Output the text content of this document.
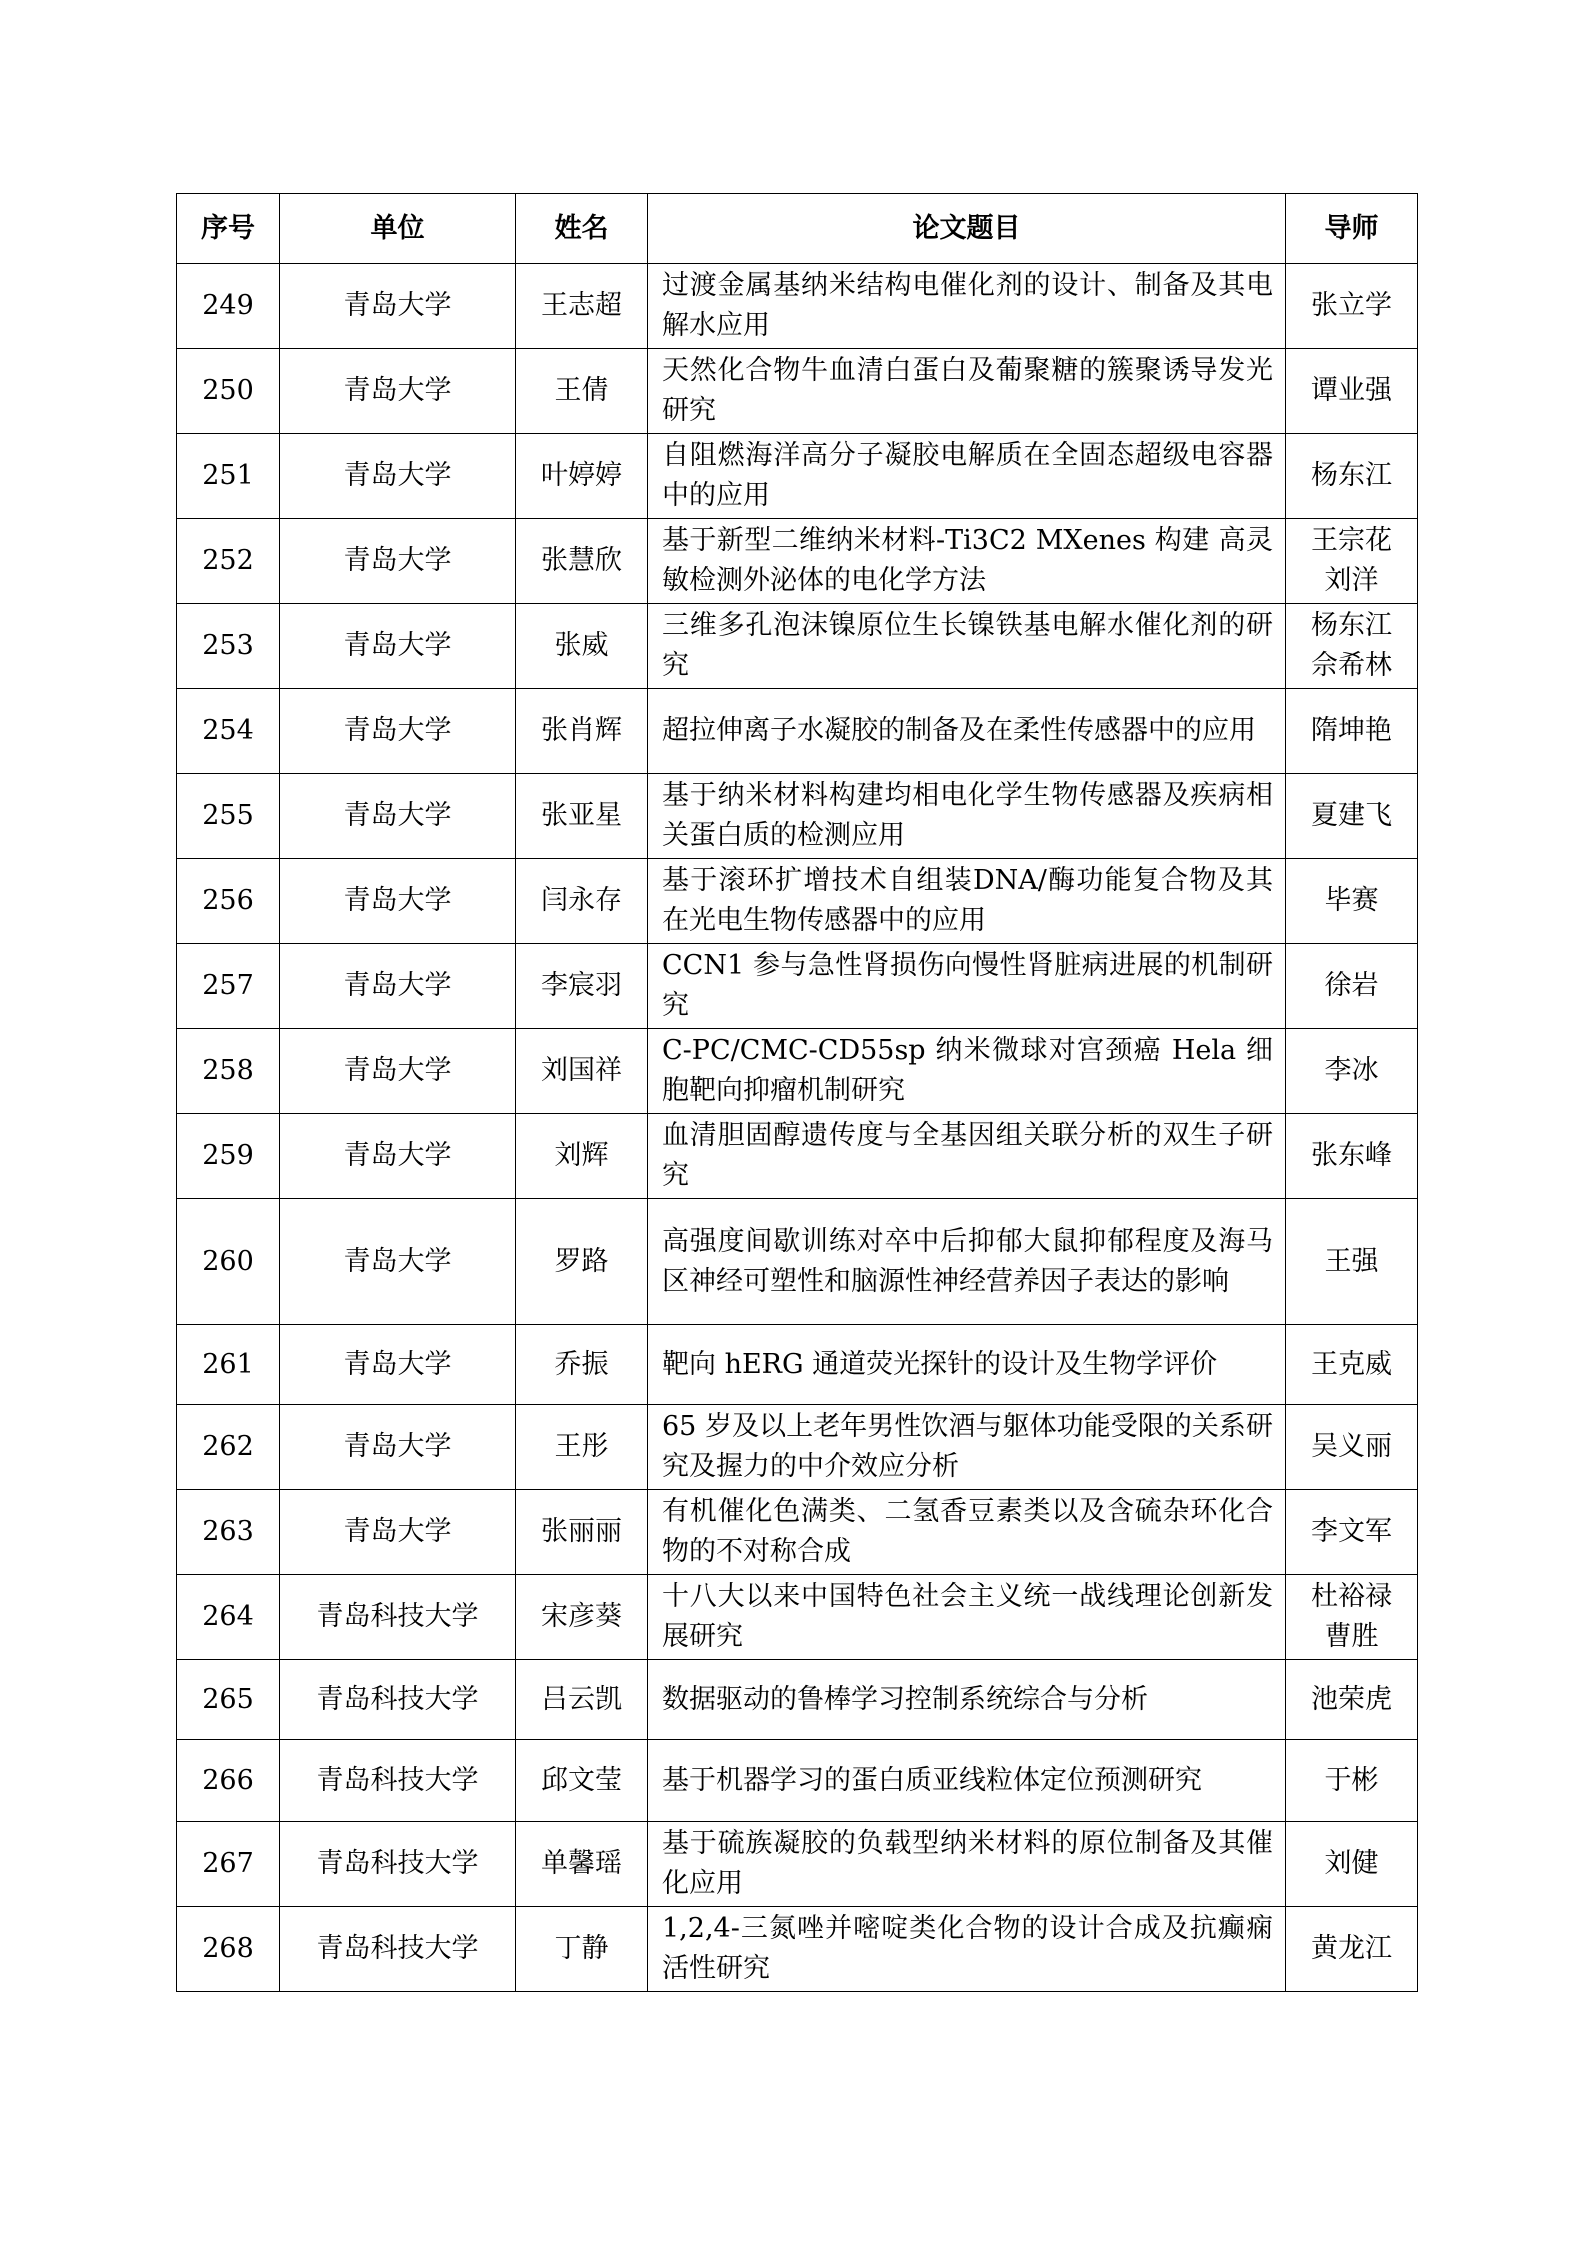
序号	单位	姓名	论文题目	导师
249	青岛大学	王志超	过渡金属基纳米结构电催化剂的设计、制备及其电解水应用	张立学

250	青岛大学	王倩	天然化合物牛血清白蛋白及葡聚糖的簇聚诱导发光研究	谭业强

251	青岛大学	叶婷婷	自阻燃海洋高分子凝胶电解质在全固态超级电容器中的应用	杨东江

252	青岛大学	张慧欣	基于新型二维纳米材料-Ti3C2 MXenes 构建 高灵敏检测外泌体的电化学方法	王宗花
刘洋

253	青岛大学	张威	三维多孔泡沫镍原位生长镍铁基电解水催化剂的研究	杨东江
佘希林

254	青岛大学	张肖辉	超拉伸离子水凝胶的制备及在柔性传感器中的应用	隋坤艳

255	青岛大学	张亚星	基于纳米材料构建均相电化学生物传感器及疾病相关蛋白质的检测应用	夏建飞

256	青岛大学	闫永存	基于滚环扩增技术自组装DNA/酶功能复合物及其在光电生物传感器中的应用	毕赛

257	青岛大学	李宸羽	CCN1 参与急性肾损伤向慢性肾脏病进展的机制研究	徐岩

258	青岛大学	刘国祥	C-PC/CMC-CD55sp 纳米微球对宫颈癌 Hela 细胞靶向抑瘤机制研究	李冰

259	青岛大学	刘辉	血清胆固醇遗传度与全基因组关联分析的双生子研究	张东峰

260	青岛大学	罗路	高强度间歇训练对卒中后抑郁大鼠抑郁程度及海马区神经可塑性和脑源性神经营养因子表达的影响	王强

261	青岛大学	乔振	靶向 hERG 通道荧光探针的设计及生物学评价	王克威

262	青岛大学	王彤	65 岁及以上老年男性饮酒与躯体功能受限的关系研究及握力的中介效应分析	吴义丽

263	青岛大学	张丽丽	有机催化色满类、二氢香豆素类以及含硫杂环化合物的不对称合成	李文军

264	青岛科技大学	宋彦葵	十八大以来中国特色社会主义统一战线理论创新发展研究	杜裕禄
曹胜

265	青岛科技大学	吕云凯	数据驱动的鲁棒学习控制系统综合与分析	池荣虎

266	青岛科技大学	邱文莹	基于机器学习的蛋白质亚线粒体定位预测研究	于彬

267	青岛科技大学	单馨瑶	基于硫族凝胶的负载型纳米材料的原位制备及其催化应用	刘健

268	青岛科技大学	丁静	1,2,4-三氮唑并嘧啶类化合物的设计合成及抗癫痫活性研究	黄龙江
